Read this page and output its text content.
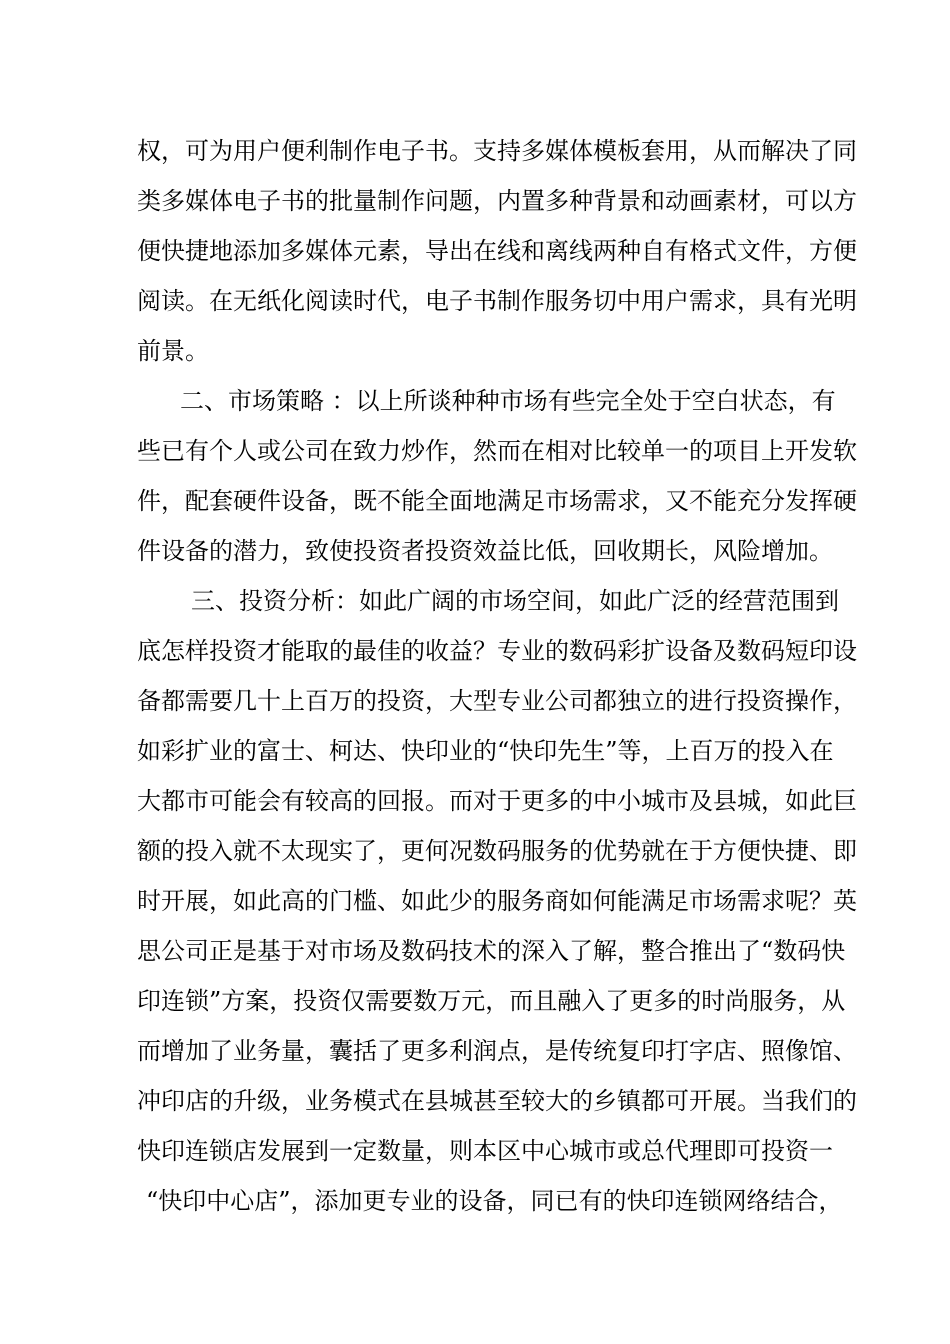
权，可为用户便利制作电子书。支持多媒体模板套用，从而解决了同
类多媒体电子书的批量制作问题，内置多种背景和动画素材，可以方
便快捷地添加多媒体元素，导出在线和离线两种自有格式文件，方便
阅读。在无纸化阅读时代，电子书制作服务切中用户需求，具有光明
前景。
二、市场策略 ：以上所谈种种市场有些完全处于空白状态，有
些已有个人或公司在致力炒作，然而在相对比较单一的项目上开发软
件，配套硬件设备，既不能全面地满足市场需求，又不能充分发挥硬
件设备的潜力，致使投资者投资效益比低，回收期长，风险增加。
三、投资分析：如此广阔的市场空间，如此广泛的经营范围到
底怎样投资才能取的最佳的收益？专业的数码彩扩设备及数码短印设
备都需要几十上百万的投资，大型专业公司都独立的进行投资操作，
如彩扩业的富士、柯达、快印业的“快印先生”等，上百万的投入在
大都市可能会有较高的回报。而对于更多的中小城市及县城，如此巨
额的投入就不太现实了，更何况数码服务的优势就在于方便快捷、即
时开展，如此高的门槛、如此少的服务商如何能满足市场需求呢？英
思公司正是基于对市场及数码技术的深入了解，整合推出了“数码快
印连锁”方案，投资仅需要数万元，而且融入了更多的时尚服务，从
而增加了业务量，囊括了更多利润点，是传统复印打字店、照像馆、
冲印店的升级，业务模式在县城甚至较大的乡镇都可开展。当我们的
快印连锁店发展到一定数量，则本区中心城市或总代理即可投资一
“快印中心店”，添加更专业的设备，同已有的快印连锁网络结合，
